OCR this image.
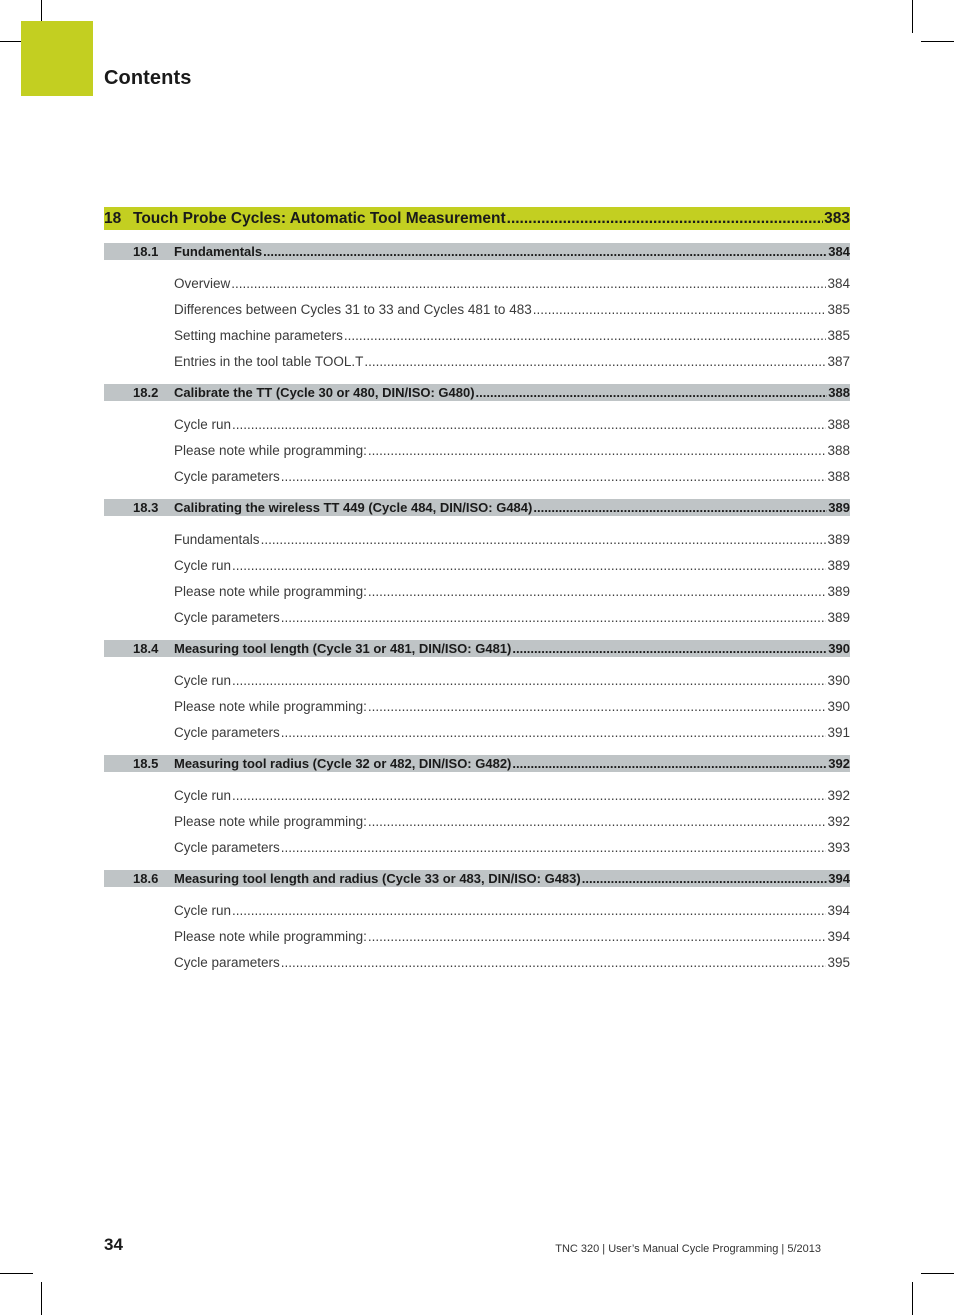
Contents
18 Touch Probe Cycles: Automatic Tool Measurement .....	383
18.1	Fundamentals .....	384
Overview .....	384
Differences between Cycles 31 to 33 and Cycles 481 to 483 .....	385
Setting machine parameters .....	385
Entries in the tool table TOOL.T .....	387
18.2	Calibrate the TT (Cycle 30 or 480, DIN/ISO: G480) .....	388
Cycle run .....	388
Please note while programming: .....	388
Cycle parameters .....	388
18.3	Calibrating the wireless TT 449 (Cycle 484, DIN/ISO: G484) .....	389
Fundamentals .....	389
Cycle run .....	389
Please note while programming: .....	389
Cycle parameters .....	389
18.4	Measuring tool length (Cycle 31 or 481, DIN/ISO: G481) .....	390
Cycle run .....	390
Please note while programming: .....	390
Cycle parameters .....	391
18.5	Measuring tool radius (Cycle 32 or 482, DIN/ISO: G482) .....	392
Cycle run .....	392
Please note while programming: .....	392
Cycle parameters .....	393
18.6	Measuring tool length and radius (Cycle 33 or 483, DIN/ISO: G483) .....	394
Cycle run .....	394
Please note while programming: .....	394
Cycle parameters .....	395
34	TNC 320 | User’s Manual Cycle Programming | 5/2013
